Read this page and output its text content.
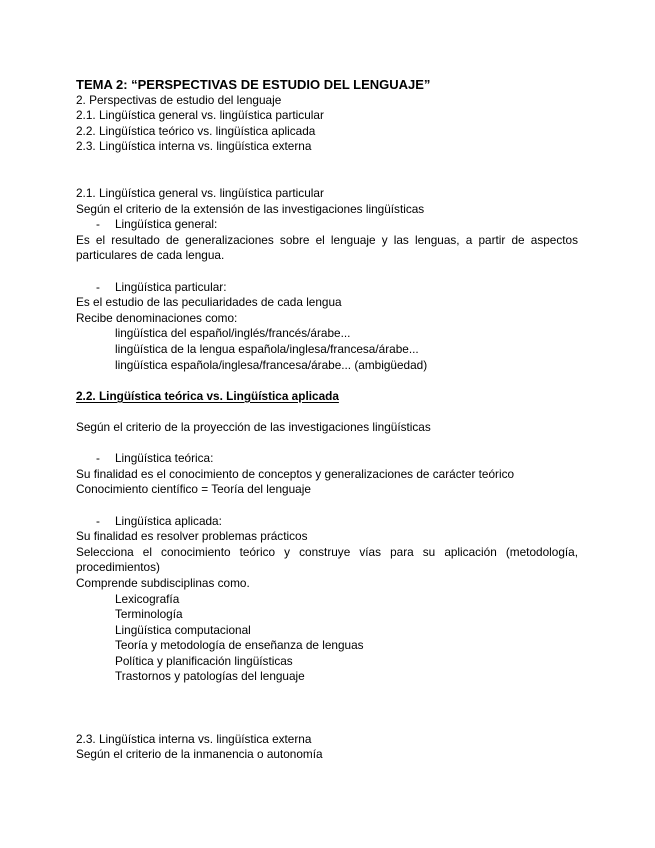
TEMA 2: “PERSPECTIVAS DE ESTUDIO DEL LENGUAJE”
2. Perspectivas de estudio del lenguaje
2.1. Lingüística general vs. lingüística particular
2.2. Lingüística teórico vs. lingüística aplicada
2.3. Lingüística interna vs. lingüística externa
2.1. Lingüística general vs. lingüística particular
Según el criterio de la extensión de las investigaciones lingüísticas
- Lingüística general:
Es el resultado de generalizaciones sobre el lenguaje y las lenguas, a partir de aspectos particulares de cada lengua.
- Lingüística particular:
Es el estudio de las peculiaridades de cada lengua
Recibe denominaciones como:
lingüística del español/inglés/francés/árabe...
lingüística de la lengua española/inglesa/francesa/árabe...
lingüística española/inglesa/francesa/árabe... (ambigüedad)
2.2. Lingüística teórica vs. Lingüística aplicada
Según el criterio de la proyección de las investigaciones lingüísticas
- Lingüística teórica:
Su finalidad es el conocimiento de conceptos y generalizaciones de carácter teórico
Conocimiento científico = Teoría del lenguaje
- Lingüística aplicada:
Su finalidad es resolver problemas prácticos
Selecciona el conocimiento teórico y construye vías para su aplicación (metodología, procedimientos)
Comprende subdisciplinas como.
Lexicografía
Terminología
Lingüística computacional
Teoría y metodología de enseñanza de lenguas
Política y planificación lingüísticas
Trastornos y patologías del lenguaje
2.3. Lingüística interna vs. lingüística externa
Según el criterio de la inmanencia o autonomía
